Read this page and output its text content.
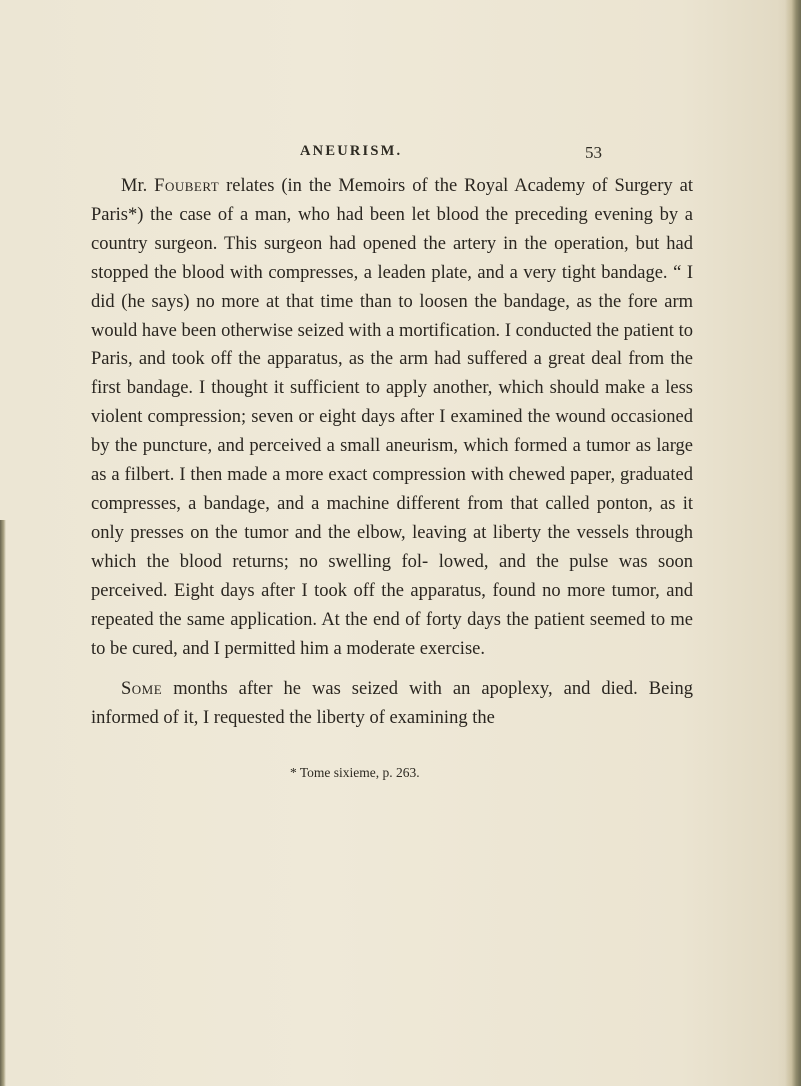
ANEURISM.	53

Mr. Foubert relates (in the Memoirs of the Royal Academy of Surgery at Paris*) the case of a man, who had been let blood the preceding evening by a country surgeon. This surgeon had opened the artery in the operation, but had stopped the blood with compresses, a leaden plate, and a very tight bandage. “ I did (he says) no more at that time than to loosen the bandage, as the fore arm would have been otherwise seized with a mortification. I conducted the patient to Paris, and took off the apparatus, as the arm had suffered a great deal from the first bandage. I thought it sufficient to apply another, which should make a less violent compression; seven or eight days after I examined the wound occasioned by the puncture, and perceived a small aneurism, which formed a tumor as large as a filbert. I then made a more exact compression with chewed paper, graduated compresses, a bandage, and a machine different from that called ponton, as it only presses on the tumor and the elbow, leaving at liberty the vessels through which the blood returns; no swelling fol- lowed, and the pulse was soon perceived. Eight days after I took off the apparatus, found no more tumor, and repeated the same application. At the end of forty days the patient seemed to me to be cured, and I permitted him a moderate exercise.

Some months after he was seized with an apoplexy, and died. Being informed of it, I requested the liberty of examining the

* Tome sixieme, p. 263.
